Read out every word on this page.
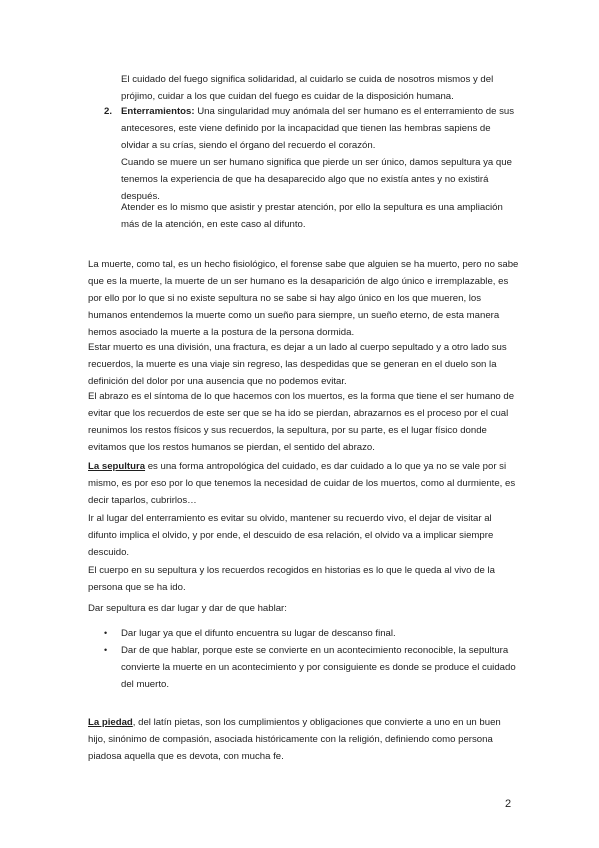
El cuidado del fuego significa solidaridad, al cuidarlo se cuida de nosotros mismos y del

prójimo, cuidar a los que cuidan del fuego es cuidar de la disposición humana.

2. Enterramientos: Una singularidad muy anómala del ser humano es el enterramiento de sus antecesores, este viene definido por la incapacidad que tienen las hembras sapiens de olvidar a su crías, siendo el órgano del recuerdo el corazón.

Cuando se muere un ser humano significa que pierde un ser único, damos sepultura ya que tenemos la experiencia de que ha desaparecido algo que no existía antes y no existirá después.

Atender es lo mismo que asistir y prestar atención, por ello la sepultura es una ampliación más de la atención, en este caso al difunto.

La muerte, como tal, es un hecho fisiológico, el forense sabe que alguien se ha muerto, pero no sabe que es la muerte, la muerte de un ser humano es la desaparición de algo único e irremplazable, es por ello por lo que si no existe sepultura no se sabe si hay algo único en los que mueren, los humanos entendemos la muerte como un sueño para siempre, un sueño eterno, de esta manera hemos asociado la muerte a la postura de la persona dormida.

Estar muerto es una división, una fractura, es dejar a un lado al cuerpo sepultado y a otro lado sus recuerdos, la muerte es una viaje sin regreso, las despedidas que se generan en el duelo son la definición del dolor por una ausencia que no podemos evitar.

El abrazo es el síntoma de lo que hacemos con los muertos, es la forma que tiene el ser humano de evitar que los recuerdos de este ser que se ha ido se pierdan, abrazarnos es el proceso por el cual reunimos los restos físicos y sus recuerdos, la sepultura, por su parte, es el lugar físico donde evitamos que los restos humanos se pierdan, el sentido del abrazo.

La sepultura es una forma antropológica del cuidado, es dar cuidado a lo que ya no se vale por si mismo, es por eso por lo que tenemos la necesidad de cuidar de los muertos, como al durmiente, es decir taparlos, cubrirlos…

Ir al lugar del enterramiento es evitar su olvido, mantener su recuerdo vivo, el dejar de visitar al difunto implica el olvido, y por ende, el descuido de esa relación, el olvido va a implicar siempre descuido.

El cuerpo en su sepultura y los recuerdos recogidos en historias es lo que le queda al vivo de la persona que se ha ido.

Dar sepultura es dar lugar y dar de que hablar:

• Dar lugar ya que el difunto encuentra su lugar de descanso final.

• Dar de que hablar, porque este se convierte en un acontecimiento reconocible, la sepultura convierte la muerte en un acontecimiento y por consiguiente es donde se produce el cuidado del muerto.

La piedad, del latín pietas, son los cumplimientos y obligaciones que convierte a uno en un buen hijo, sinónimo de compasión, asociada históricamente con la religión, definiendo como persona piadosa aquella que es devota, con mucha fe.

2
